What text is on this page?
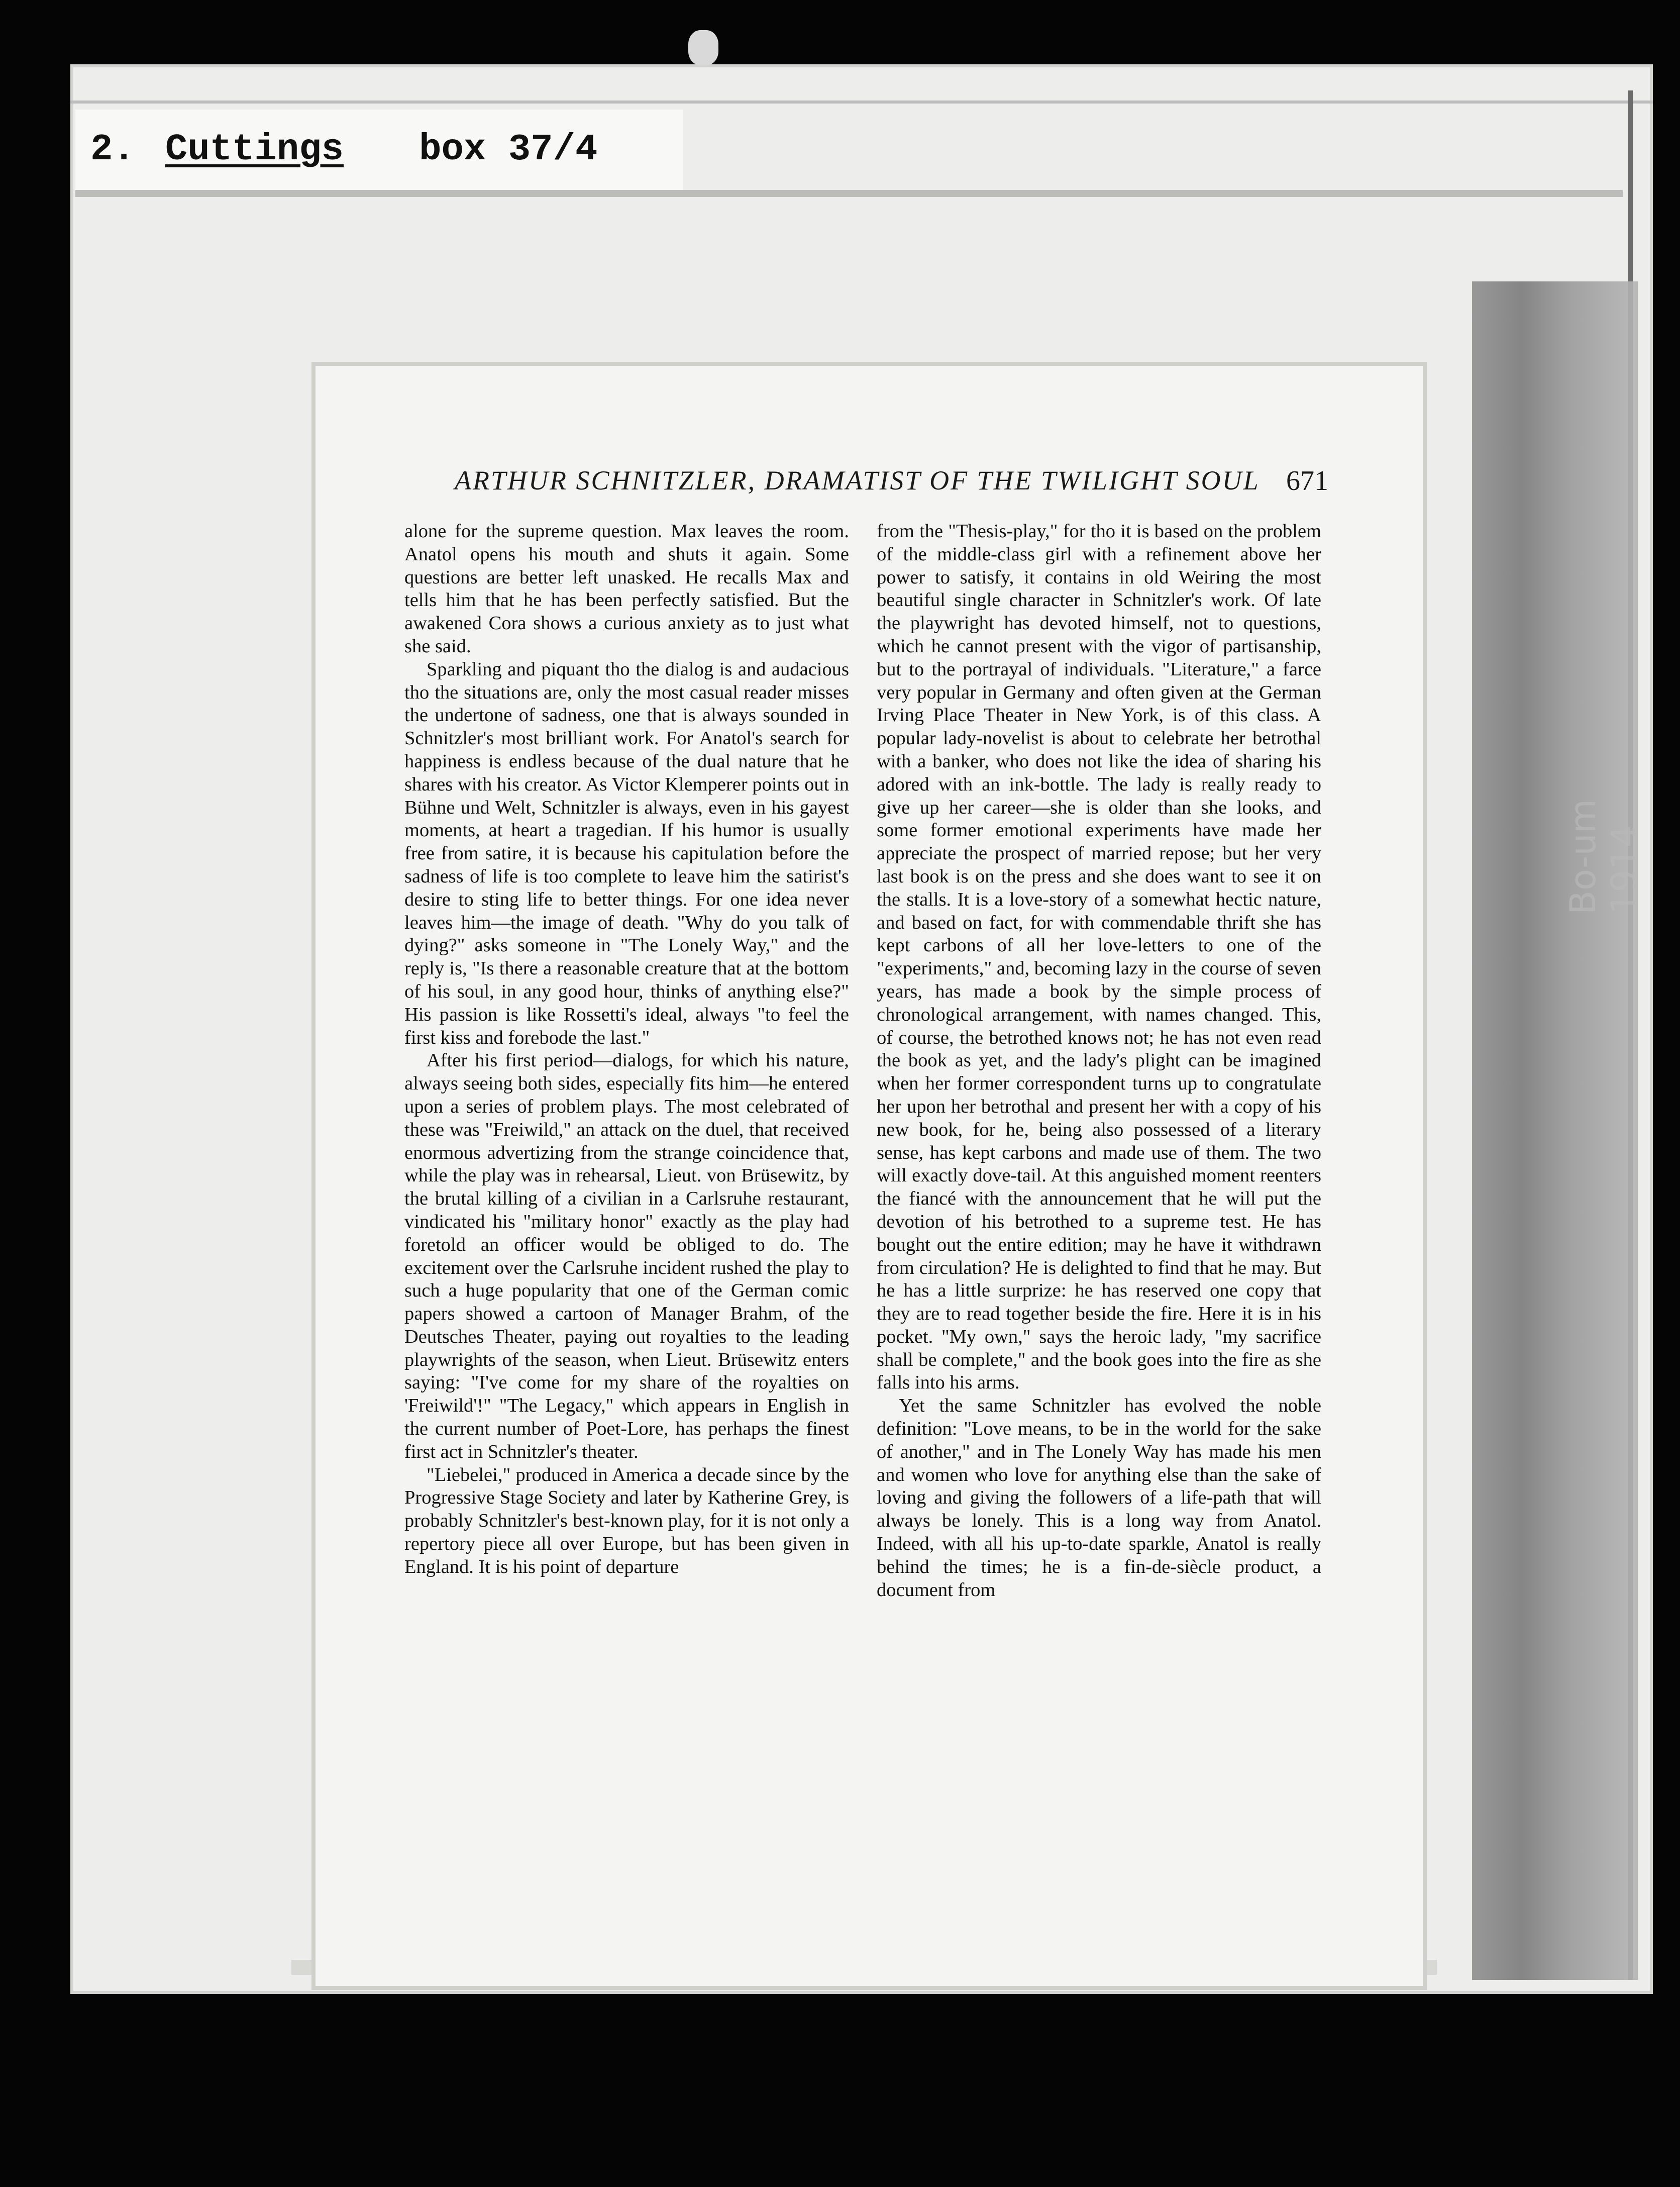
2. Cuttings box 37/4
ARTHUR SCHNITZLER, DRAMATIST OF THE TWILIGHT SOUL 671

alone for the supreme question. Max leaves the room. Anatol opens his mouth and shuts it again. Some questions are better left unasked. He recalls Max and tells him that he has been perfectly satisfied. But the awakened Cora shows a curious anxiety as to just what she said.

Sparkling and piquant tho the dialog is and audacious tho the situations are, only the most casual reader misses the undertone of sadness, one that is always sounded in Schnitzler's most brilliant work. For Anatol's search for happiness is endless because of the dual nature that he shares with his creator. As Victor Klemperer points out in Bühne und Welt, Schnitzler is always, even in his gayest moments, at heart a tragedian. If his humor is usually free from satire, it is because his capitulation before the sadness of life is too complete to leave him the satirist's desire to sting life to better things. For one idea never leaves him—the image of death. "Why do you talk of dying?" asks someone in "The Lonely Way," and the reply is, "Is there a reasonable creature that at the bottom of his soul, in any good hour, thinks of anything else?" His passion is like Rossetti's ideal, always "to feel the first kiss and forebode the last."

After his first period—dialogs, for which his nature, always seeing both sides, especially fits him—he entered upon a series of problem plays. The most celebrated of these was "Freiwild," an attack on the duel, that received enormous advertizing from the strange coincidence that, while the play was in rehearsal, Lieut. von Brüsewitz, by the brutal killing of a civilian in a Carlsruhe restaurant, vindicated his "military honor" exactly as the play had foretold an officer would be obliged to do. The excitement over the Carlsruhe incident rushed the play to such a huge popularity that one of the German comic papers showed a cartoon of Manager Brahm, of the Deutsches Theater, paying out royalties to the leading playwrights of the season, when Lieut. Brüsewitz enters saying: "I've come for my share of the royalties on 'Freiwild'!" "The Legacy," which appears in English in the current number of Poet-Lore, has perhaps the finest first act in Schnitzler's theater.

"Liebelei," produced in America a decade since by the Progressive Stage Society and later by Katherine Grey, is probably Schnitzler's best-known play, for it is not only a repertory piece all over Europe, but has been given in England. It is his point of departure

from the "Thesis-play," for tho it is based on the problem of the middle-class girl with a refinement above her power to satisfy, it contains in old Weiring the most beautiful single character in Schnitzler's work. Of late the playwright has devoted himself, not to questions, which he cannot present with the vigor of partisanship, but to the portrayal of individuals. "Literature," a farce very popular in Germany and often given at the German Irving Place Theater in New York, is of this class. A popular lady-novelist is about to celebrate her betrothal with a banker, who does not like the idea of sharing his adored with an ink-bottle. The lady is really ready to give up her career—she is older than she looks, and some former emotional experiments have made her appreciate the prospect of married repose; but her very last book is on the press and she does want to see it on the stalls. It is a love-story of a somewhat hectic nature, and based on fact, for with commendable thrift she has kept carbons of all her love-letters to one of the "experiments," and, becoming lazy in the course of seven years, has made a book by the simple process of chronological arrangement, with names changed. This, of course, the betrothed knows not; he has not even read the book as yet, and the lady's plight can be imagined when her former correspondent turns up to congratulate her upon her betrothal and present her with a copy of his new book, for he, being also possessed of a literary sense, has kept carbons and made use of them. The two will exactly dove-tail. At this anguished moment reenters the fiancé with the announcement that he will put the devotion of his betrothed to a supreme test. He has bought out the entire edition; may he have it withdrawn from circulation? He is delighted to find that he may. But he has a little surprize: he has reserved one copy that they are to read together beside the fire. Here it is in his pocket. "My own," says the heroic lady, "my sacrifice shall be complete," and the book goes into the fire as she falls into his arms.

Yet the same Schnitzler has evolved the noble definition: "Love means, to be in the world for the sake of another," and in The Lonely Way has made his men and women who love for anything else than the sake of loving and giving the followers of a life-path that will always be lonely. This is a long way from Anatol. Indeed, with all his up-to-date sparkle, Anatol is really behind the times; he is a fin-de-siècle product, a document from

Bo-um 1914
